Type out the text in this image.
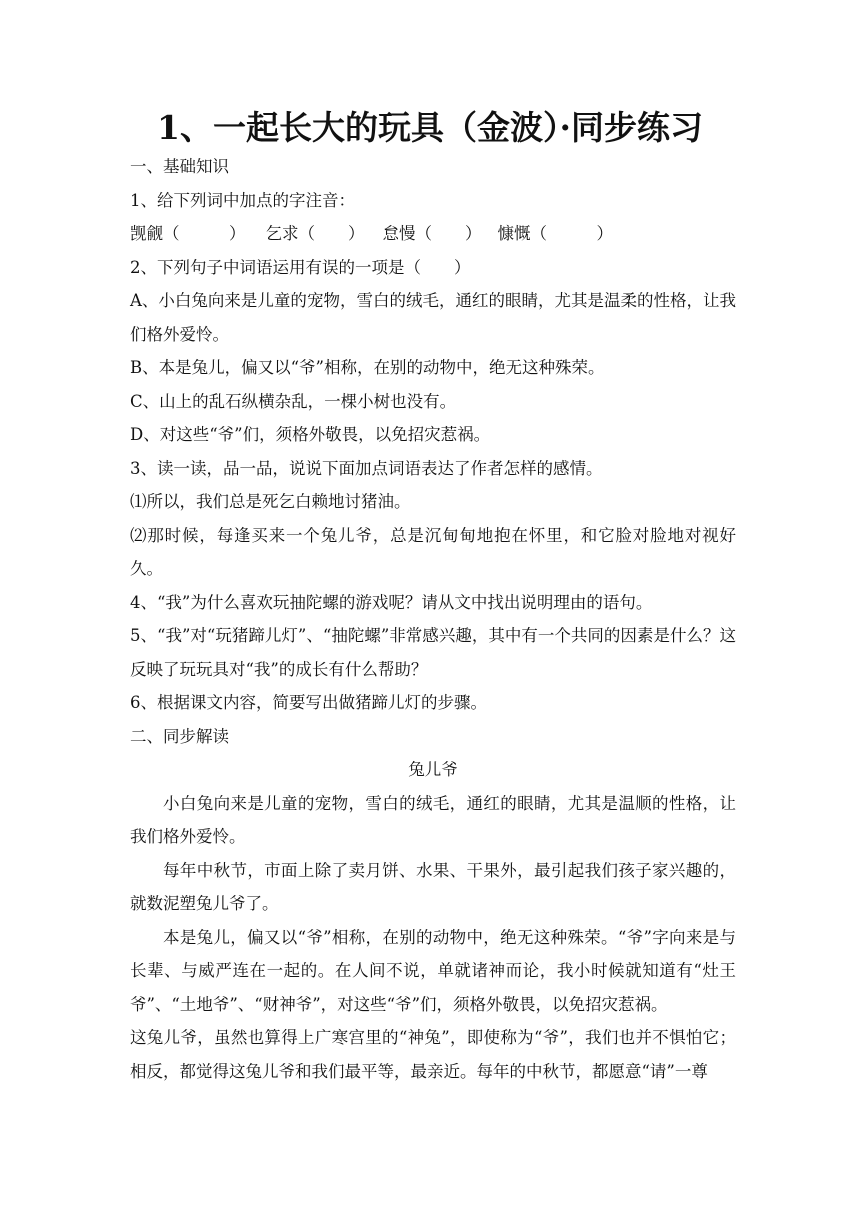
1、一起长大的玩具（金波）·同步练习

一、基础知识

1、给下列词中加点的字注音：

觊觎（　　　） 乞求（　　） 怠慢（　　） 慷慨（　　　）

2、下列句子中词语运用有误的一项是（　　）

A、小白兔向来是儿童的宠物，雪白的绒毛，通红的眼睛，尤其是温柔的性格，让我们格外爱怜。

B、本是兔儿，偏又以“爷”相称，在别的动物中，绝无这种殊荣。

C、山上的乱石纵横杂乱，一棵小树也没有。

D、对这些“爷”们，须格外敬畏，以免招灾惹祸。

3、读一读，品一品，说说下面加点词语表达了作者怎样的感情。

⑴所以，我们总是死乞白赖地讨猪油。

⑵那时候，每逢买来一个兔儿爷，总是沉甸甸地抱在怀里，和它脸对脸地对视好久。

4、“我”为什么喜欢玩抽陀螺的游戏呢？请从文中找出说明理由的语句。

5、“我”对“玩猪蹄儿灯”、“抽陀螺”非常感兴趣，其中有一个共同的因素是什么？这反映了玩玩具对“我”的成长有什么帮助？

6、根据课文内容，简要写出做猪蹄儿灯的步骤。

二、同步解读

兔儿爷

小白兔向来是儿童的宠物，雪白的绒毛，通红的眼睛，尤其是温顺的性格，让我们格外爱怜。

每年中秋节，市面上除了卖月饼、水果、干果外，最引起我们孩子家兴趣的，就数泥塑兔儿爷了。

本是兔儿，偏又以“爷”相称，在别的动物中，绝无这种殊荣。“爷”字向来是与长辈、与威严连在一起的。在人间不说，单就诸神而论，我小时候就知道有“灶王爷”、“土地爷”、“财神爷”，对这些“爷”们，须格外敬畏，以免招灾惹祸。

这兔儿爷，虽然也算得上广寒宫里的“神兔”，即使称为“爷”，我们也并不惧怕它；相反，都觉得这兔儿爷和我们最平等，最亲近。每年的中秋节，都愿意“请”一尊
